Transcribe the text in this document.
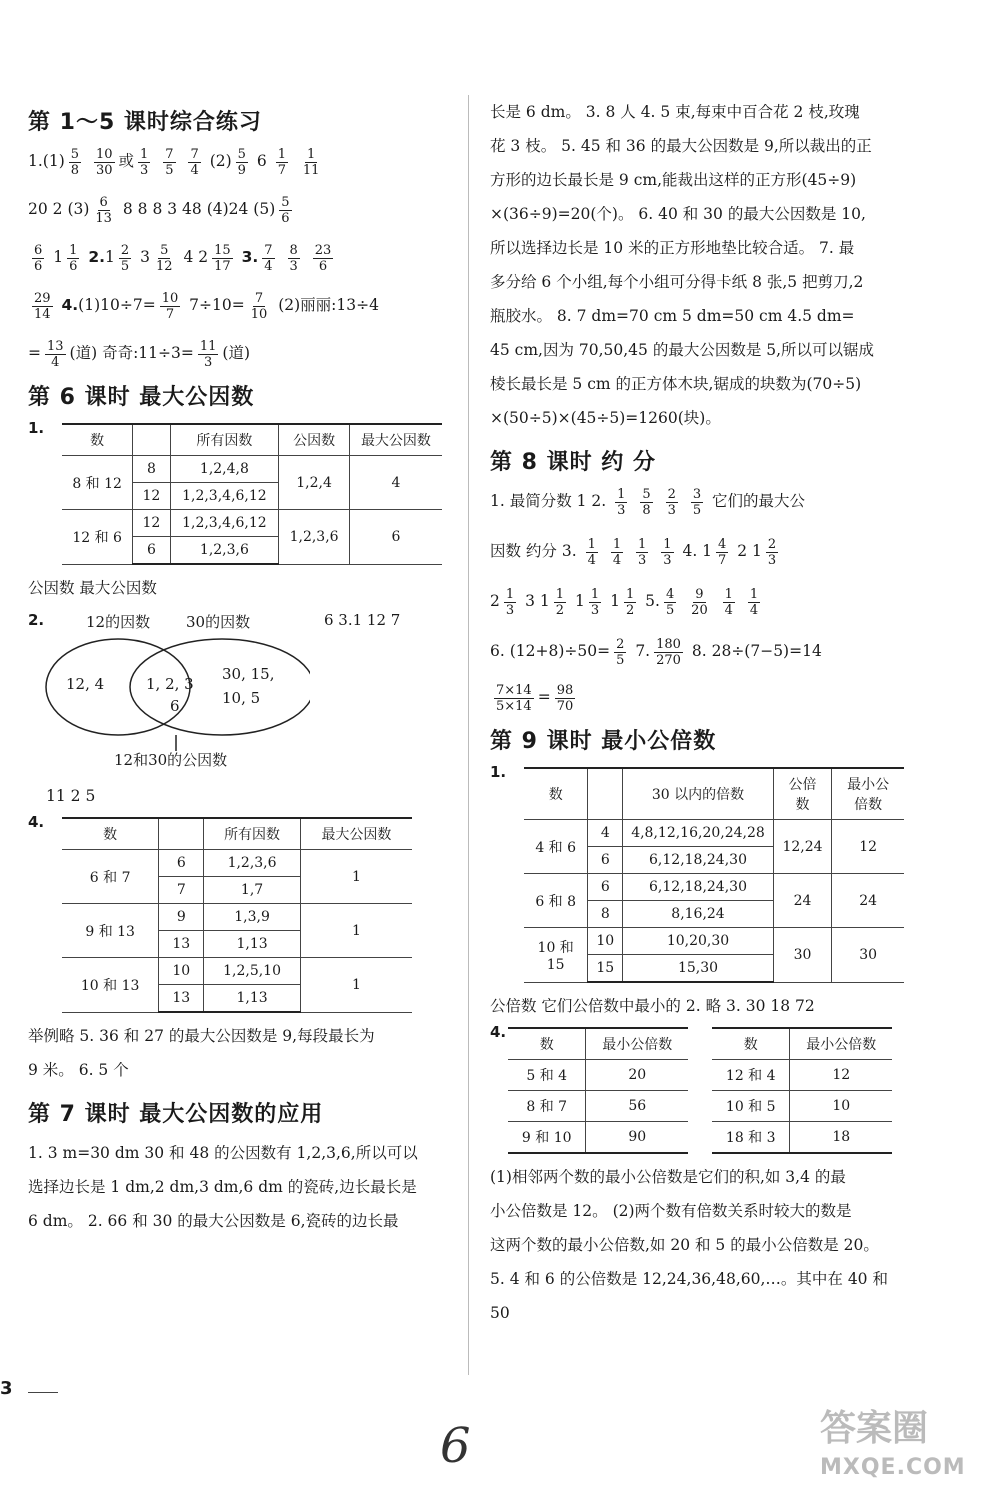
第 1～5 课时综合练习

$1.(1) \frac{5}{8}$
$\frac{10}{30}$ 或 $\frac{1}{3}$
$\frac{7}{5}$
$\frac{7}{4} (2) \frac{5}{9} 6 \frac{1}{7}$
$\frac{1}{11}$

20 2 $(3) \frac{6}{13} 8$ 8 8 3 48 (4)24 $(5) \frac{5}{6}$

$\frac{6}{6} 1 \frac{1}{6} 2.1 \frac{2}{5} 3 \frac{5}{12} 4$ $2 \frac{15}{17} 3$. $\frac{7}{4}$
$\frac{8}{3}$
$\frac{23}{6}$

$\frac{29}{14} 4.(1)10\div 7= \frac{10}{7} 7\div 10= \frac{7}{10} (2)$丽丽:13÷4

= $\frac{13}{4}$ (道) 奇奇:11÷3= $\frac{11}{3}$ (道)

第 6 课时 最大公因数
1.
数		所有因数	公因数	最大公因数
8 和 12	8	1,2,4,8	1,2,4	4
	12	1,2,3,4,6,12		
12 和 6	12	1,2,3,4,6,12	1,2,3,6	6
	6	1,2,3,6		

公因数 最大公因数

2.	12的因数 30的因数	6 3.1 12 7
12, 4	1, 2, 3
6
30, 15,
10, 5
12和30的公因数

11 2 5

4.
数		所有因数	最大公因数
6 和 7	6	1,2,3,6	1
	7	1,7	
9 和 13	9	1,3,9	1
	13	1,13	
10 和 13	10	1,2,5,10	1
	13	1,13	

举例略 5. 36 和 27 的最大公因数是 9,每段最长为

9 米。 6. 5 个

第 7 课时 最大公因数的应用

1. 3 m=30 dm 30 和 48 的公因数有 1,2,3,6,所以可以

选择边长是 1 dm,2 dm,3 dm,6 dm 的瓷砖,边长最长是

6 dm。 2. 66 和 30 的最大公因数是 6,瓷砖的边长最

长是 6 dm。 3. 8 人 4. 5 束,每束中百合花 2 枝,玫瑰

花 3 枝。 5. 45 和 36 的最大公因数是 9,所以裁出的正

方形的边长最长是 9 cm,能裁出这样的正方形(45÷9)

×(36÷9)=20(个)。 6. 40 和 30 的最大公因数是 10,

所以选择边长是 10 米的正方形地垫比较合适。 7. 最

多分给 6 个小组,每个小组可分得卡纸 8 张,5 把剪刀,2

瓶胶水。 8. 7 dm=70 cm 5 dm=50 cm 4.5 dm=

45 cm,因为 70,50,45 的最大公因数是 5,所以可以锯成

棱长最长是 5 cm 的正方体木块,锯成的块数为(70÷5)

×(50÷5)×(45÷5)=1260(块)。

第 8 课时 约 分

1. 最简分数 1 2. $\frac{1}{3}$
$\frac{5}{8}$
$\frac{2}{3}$
$\frac{3}{5}$ 它们的最大公

因数 约分 3. $\frac{1}{4}$
$\frac{1}{4}$
$\frac{1}{3}$
$\frac{1}{3} 4$. $1 \frac{4}{7} 2$ $1 \frac{2}{3}$

$2 \frac{1}{3} 3$ $1 \frac{1}{2} 1 \frac{1}{3} 1 \frac{1}{2} 5$. $\frac{4}{5}$
$\frac{9}{20}$
$\frac{1}{4}$
$\frac{1}{4}$

6. $(12+8)\div 50= \frac{2}{5} 7$. $\frac{180}{270} 8$. 28÷(7−5)=14

$\frac{7\times 14}{5\times 14} = \frac{98}{70}$

第 9 课时 最小公倍数
1.
数		30 以内的倍数	公倍数	最小公倍数
4 和 6	4	4,8,12,16,20,24,28	12,24	12
	6	6,12,18,24,30		
6 和 8	6	6,12,18,24,30	24	24
	8	8,16,24		
10 和 15	10	10,20,30	30	30
	15	15,30		

公倍数 它们公倍数中最小的 2. 略 3. 30 18 72

4.
数	最小公倍数
5 和 4	20
8 和 7	56
9 和 10	90
数	最小公倍数
12 和 4	12
10 和 5	10
18 和 3	18

(1)相邻两个数的最小公倍数是它们的积,如 3,4 的最

小公倍数是 12。 (2)两个数有倍数关系时较大的数是

这两个数的最小公倍数,如 20 和 5 的最小公倍数是 20。

5. 4 和 6 的公倍数是 12,24,36,48,60,…。其中在 40 和 50

3
6	答案圈
MXQE.COM
